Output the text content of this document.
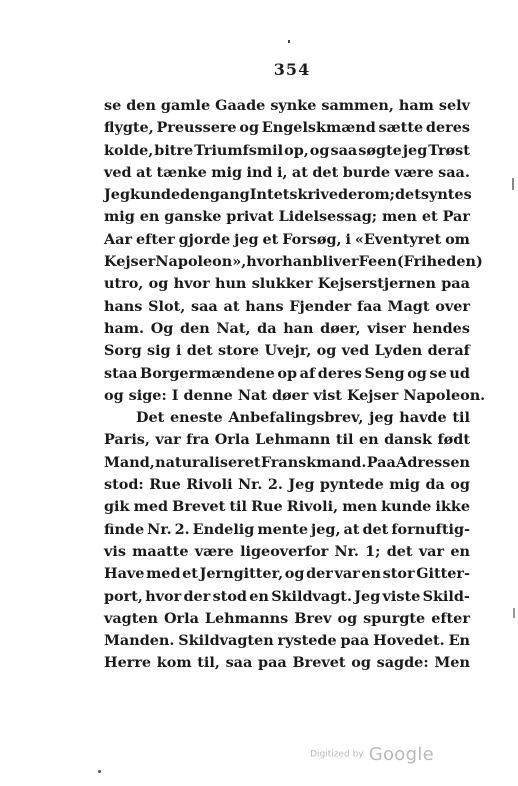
354
se den gamle Gaade synke sammen, ham selv
flygte, Preussere og Engelskmænd sætte deres
kolde, bitre Triumfsmil op, og saa søgte jeg Trøst
ved at tænke mig ind i, at det burde være saa.
Jeg kunde dengang Intet skrive derom; det syntes
mig en ganske privat Lidelsessag; men et Par
Aar efter gjorde jeg et Forsøg, i «Eventyret om
Kejser Napoleon», hvor han bliver Feen (Friheden)
utro, og hvor hun slukker Kejserstjernen paa
hans Slot, saa at hans Fjender faa Magt over
ham. Og den Nat, da han døer, viser hendes
Sorg sig i det store Uvejr, og ved Lyden deraf
staa Borgermændene op af deres Seng og se ud
og sige: I denne Nat døer vist Kejser Napoleon.
Det eneste Anbefalingsbrev, jeg havde til
Paris, var fra Orla Lehmann til en dansk født
Mand, naturaliseret Franskmand. Paa Adressen
stod: Rue Rivoli Nr. 2. Jeg pyntede mig da og
gik med Brevet til Rue Rivoli, men kunde ikke
finde Nr. 2. Endelig mente jeg, at det fornuftig-
vis maatte være ligeoverfor Nr. 1; det var en
Have med et Jerngitter, og der var en stor Gitter-
port, hvor der stod en Skildvagt. Jeg viste Skild-
vagten Orla Lehmanns Brev og spurgte efter
Manden. Skildvagten rystede paa Hovedet. En
Herre kom til, saa paa Brevet og sagde: Men
Digitized by Google
